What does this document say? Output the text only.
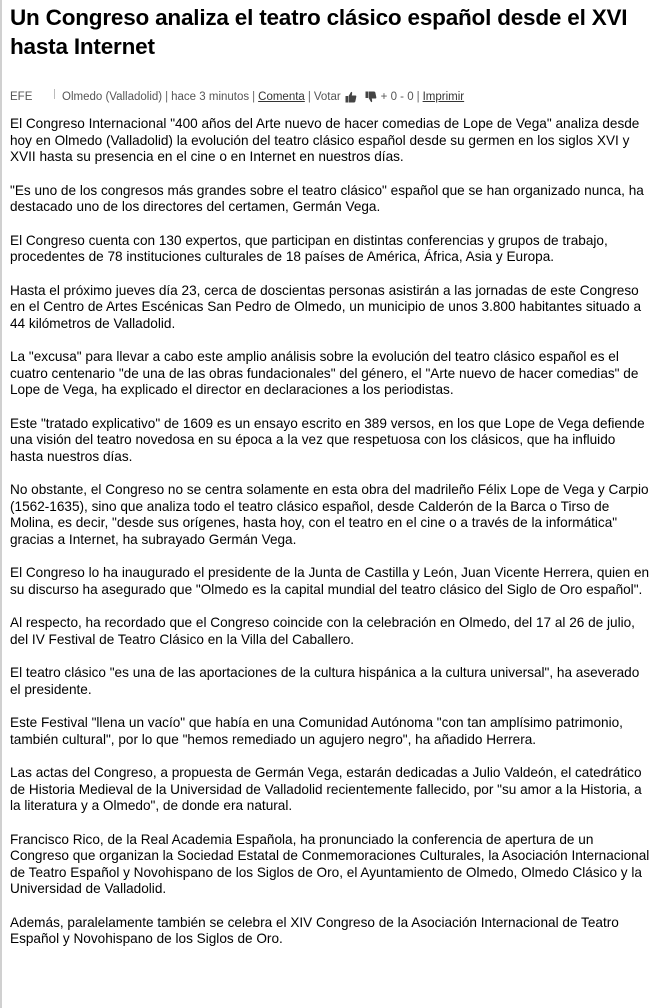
Un Congreso analiza el teatro clásico español desde el XVI hasta Internet
EFE	Olmedo (Valladolid) | hace 3 minutos | Comenta | Votar	+ 0 - 0 | Imprimir

El Congreso Internacional "400 años del Arte nuevo de hacer comedias de Lope de Vega" analiza desde hoy en Olmedo (Valladolid) la evolución del teatro clásico español desde su germen en los siglos XVI y XVII hasta su presencia en el cine o en Internet en nuestros días.

"Es uno de los congresos más grandes sobre el teatro clásico" español que se han organizado nunca, ha destacado uno de los directores del certamen, Germán Vega.

El Congreso cuenta con 130 expertos, que participan en distintas conferencias y grupos de trabajo, procedentes de 78 instituciones culturales de 18 países de América, África, Asia y Europa.

Hasta el próximo jueves día 23, cerca de doscientas personas asistirán a las jornadas de este Congreso en el Centro de Artes Escénicas San Pedro de Olmedo, un municipio de unos 3.800 habitantes situado a 44 kilómetros de Valladolid.

La "excusa" para llevar a cabo este amplio análisis sobre la evolución del teatro clásico español es el cuatro centenario "de una de las obras fundacionales" del género, el "Arte nuevo de hacer comedias" de Lope de Vega, ha explicado el director en declaraciones a los periodistas.

Este "tratado explicativo" de 1609 es un ensayo escrito en 389 versos, en los que Lope de Vega defiende una visión del teatro novedosa en su época a la vez que respetuosa con los clásicos, que ha influido hasta nuestros días.

No obstante, el Congreso no se centra solamente en esta obra del madrileño Félix Lope de Vega y Carpio (1562-1635), sino que analiza todo el teatro clásico español, desde Calderón de la Barca o Tirso de Molina, es decir, "desde sus orígenes, hasta hoy, con el teatro en el cine o a través de la informática" gracias a Internet, ha subrayado Germán Vega.

El Congreso lo ha inaugurado el presidente de la Junta de Castilla y León, Juan Vicente Herrera, quien en su discurso ha asegurado que "Olmedo es la capital mundial del teatro clásico del Siglo de Oro español".

Al respecto, ha recordado que el Congreso coincide con la celebración en Olmedo, del 17 al 26 de julio, del IV Festival de Teatro Clásico en la Villa del Caballero.

El teatro clásico "es una de las aportaciones de la cultura hispánica a la cultura universal", ha aseverado el presidente.

Este Festival "llena un vacío" que había en una Comunidad Autónoma "con tan amplísimo patrimonio, también cultural", por lo que "hemos remediado un agujero negro", ha añadido Herrera.

Las actas del Congreso, a propuesta de Germán Vega, estarán dedicadas a Julio Valdeón, el catedrático de Historia Medieval de la Universidad de Valladolid recientemente fallecido, por "su amor a la Historia, a la literatura y a Olmedo", de donde era natural.

Francisco Rico, de la Real Academia Española, ha pronunciado la conferencia de apertura de un Congreso que organizan la Sociedad Estatal de Conmemoraciones Culturales, la Asociación Internacional de Teatro Español y Novohispano de los Siglos de Oro, el Ayuntamiento de Olmedo, Olmedo Clásico y la Universidad de Valladolid.

Además, paralelamente también se celebra el XIV Congreso de la Asociación Internacional de Teatro Español y Novohispano de los Siglos de Oro.
